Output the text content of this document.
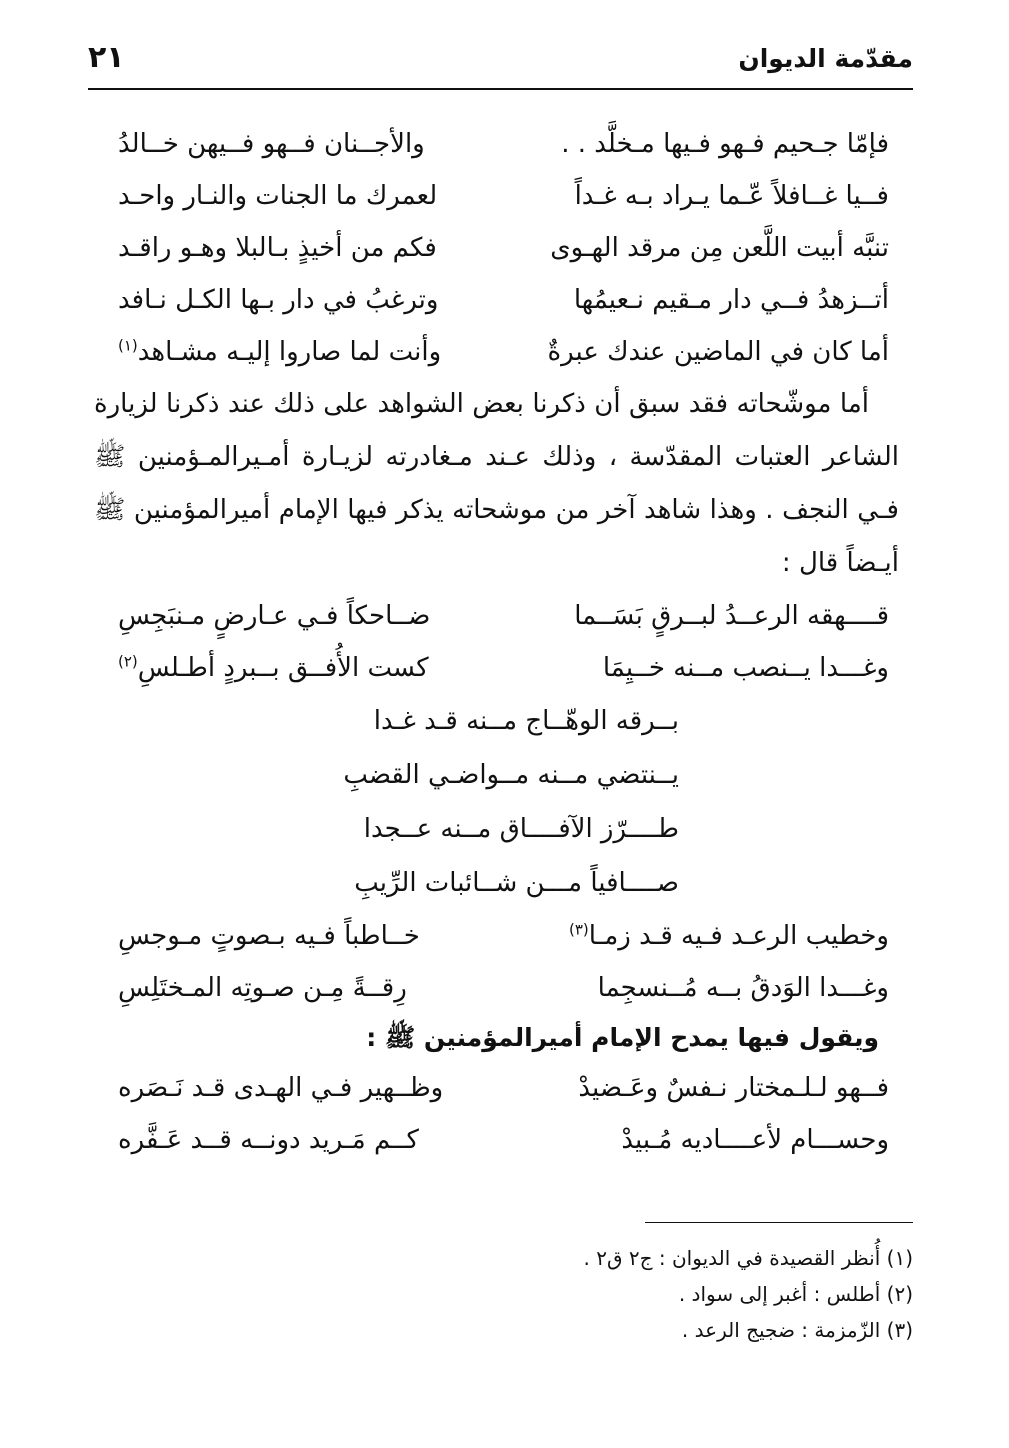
مقدّمة الديوان
٢١
فإمّا جـحيم فـهو فـيها مـخلَّد . .
والأجــنان فــهو فــيهن خــالدُ
فــيا غــافلاً عّـما يـراد بـه غـداً
لعمرك ما الجنات والنـار واحـد
تنبَّه أبيت اللَّعن مِن مرقد الهـوى
فكم من أخيذٍ بـالبلا وهـو راقـد
أتــزهدُ فــي دار مـقيم نـعيمُها
وترغبُ في دار بـها الكـل نـافد
أما كان في الماضين عندك عبرةٌ
وأنت لما صاروا إليـه مشـاهد$^{(١)}$

أما موشّحاته فقد سبق أن ذكرنا بعض الشواهد على ذلك عند ذكرنا لزيارة الشاعر العتبات المقدّسة ، وذلك عـند مـغادرته لزيـارة أمـيرالمـؤمنين ﷺ فـي النجف . وهذا شاهد آخر من موشحاته يذكر فيها الإمام أميرالمؤمنين ﷺ أيـضاً قال :

قــــهقه الرعــدُ لبــرقٍ بَسَــما
ضــاحكاً فـي عـارضٍ مـنبَجِسِ
وغـــدا يــنصب مــنه خــيِمَا
كست الأُفــق بــبردٍ أطـلسِ$^{(٢)}$
بــرقه الوهّــاج مــنه قـد غـدا
يــنتضي مــنه مــواضـي القضبِ
طــــرّز الآفــــاق مــنه عــجدا
صــــافياً مـــن شــائبات الرِّيبِ
وخطيب الرعـد فـيه قـد زمـا$^{(٣)}$
خــاطباً فـيه بـصوتٍ مـوجسِ
وغـــدا الوَدقُ بــه مُــنسجِما
رِقــةً مِـن صـوتِه المـختَلِسِ
ويقول فيها يمدح الإمام أميرالمؤمنين ﷺ :
فــهو لـلـمختار نـفسٌ وعَـضيدْ
وظــهير فـي الهـدى قـد نَـصَره
وحســـام لأعــــاديه مُـبيدْ
كــم مَـريد دونــه قــد عَـفَّره
(١) أُنظر القصيدة في الديوان : ج٢ ق٢ .
(٢) أطلس : أغبر إلى سواد .
(٣) الزّمزمة : ضجيج الرعد .
